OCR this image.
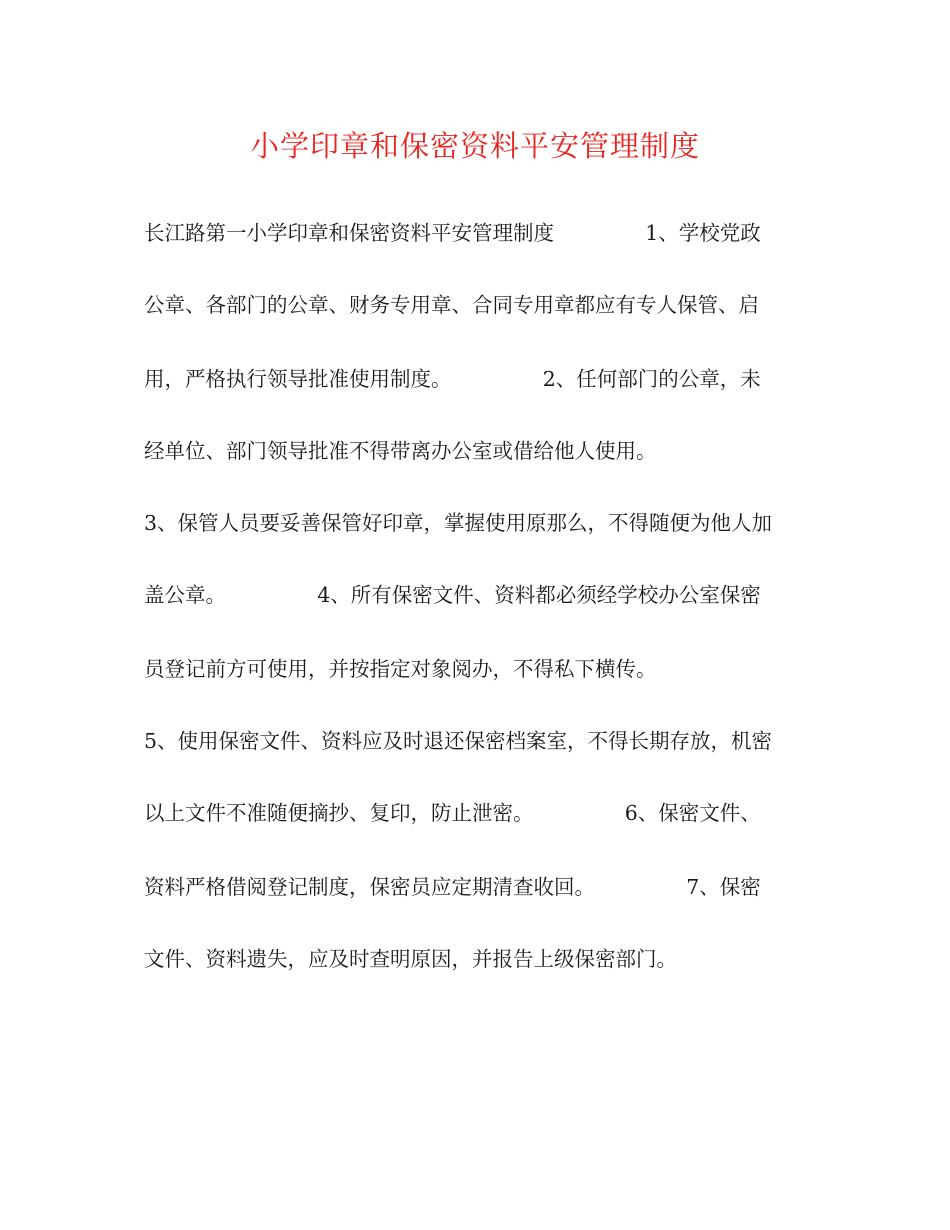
小学印章和保密资料平安管理制度
长江路第一小学印章和保密资料平安管理制度              1、学校党政
公章、各部门的公章、财务专用章、合同专用章都应有专人保管、启
用，严格执行领导批准使用制度。              2、任何部门的公章，未
经单位、部门领导批准不得带离办公室或借给他人使用。
3、保管人员要妥善保管好印章，掌握使用原那么，不得随便为他人加
盖公章。              4、所有保密文件、资料都必须经学校办公室保密
员登记前方可使用，并按指定对象阅办，不得私下横传。
5、使用保密文件、资料应及时退还保密档案室，不得长期存放，机密
以上文件不准随便摘抄、复印，防止泄密。              6、保密文件、
资料严格借阅登记制度，保密员应定期清查收回。              7、保密
文件、资料遗失，应及时查明原因，并报告上级保密部门。
